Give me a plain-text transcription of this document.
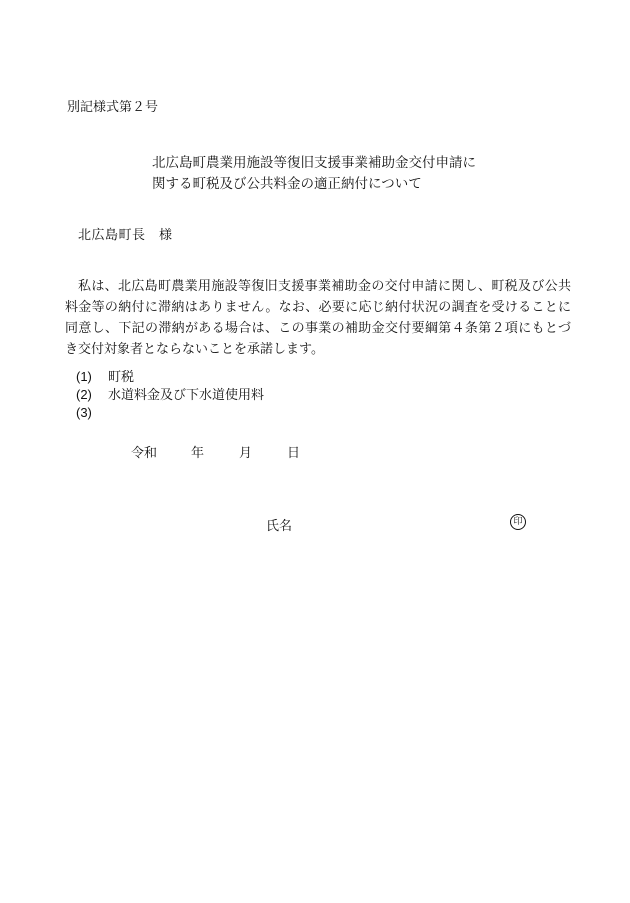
別記様式第２号
北広島町農業用施設等復旧支援事業補助金交付申請に
関する町税及び公共料金の適正納付について
北広島町長　様
私は、北広島町農業用施設等復旧支援事業補助金の交付申請に関し、町税及び公共料金等の納付に滞納はありません。なお、必要に応じ納付状況の調査を受けることに同意し、下記の滞納がある場合は、この事業の補助金交付要綱第４条第２項にもとづき交付対象者とならないことを承諾します。
(1) 町税
(2) 水道料金及び下水道使用料
(3)
令和	年	月	日
氏名	印
